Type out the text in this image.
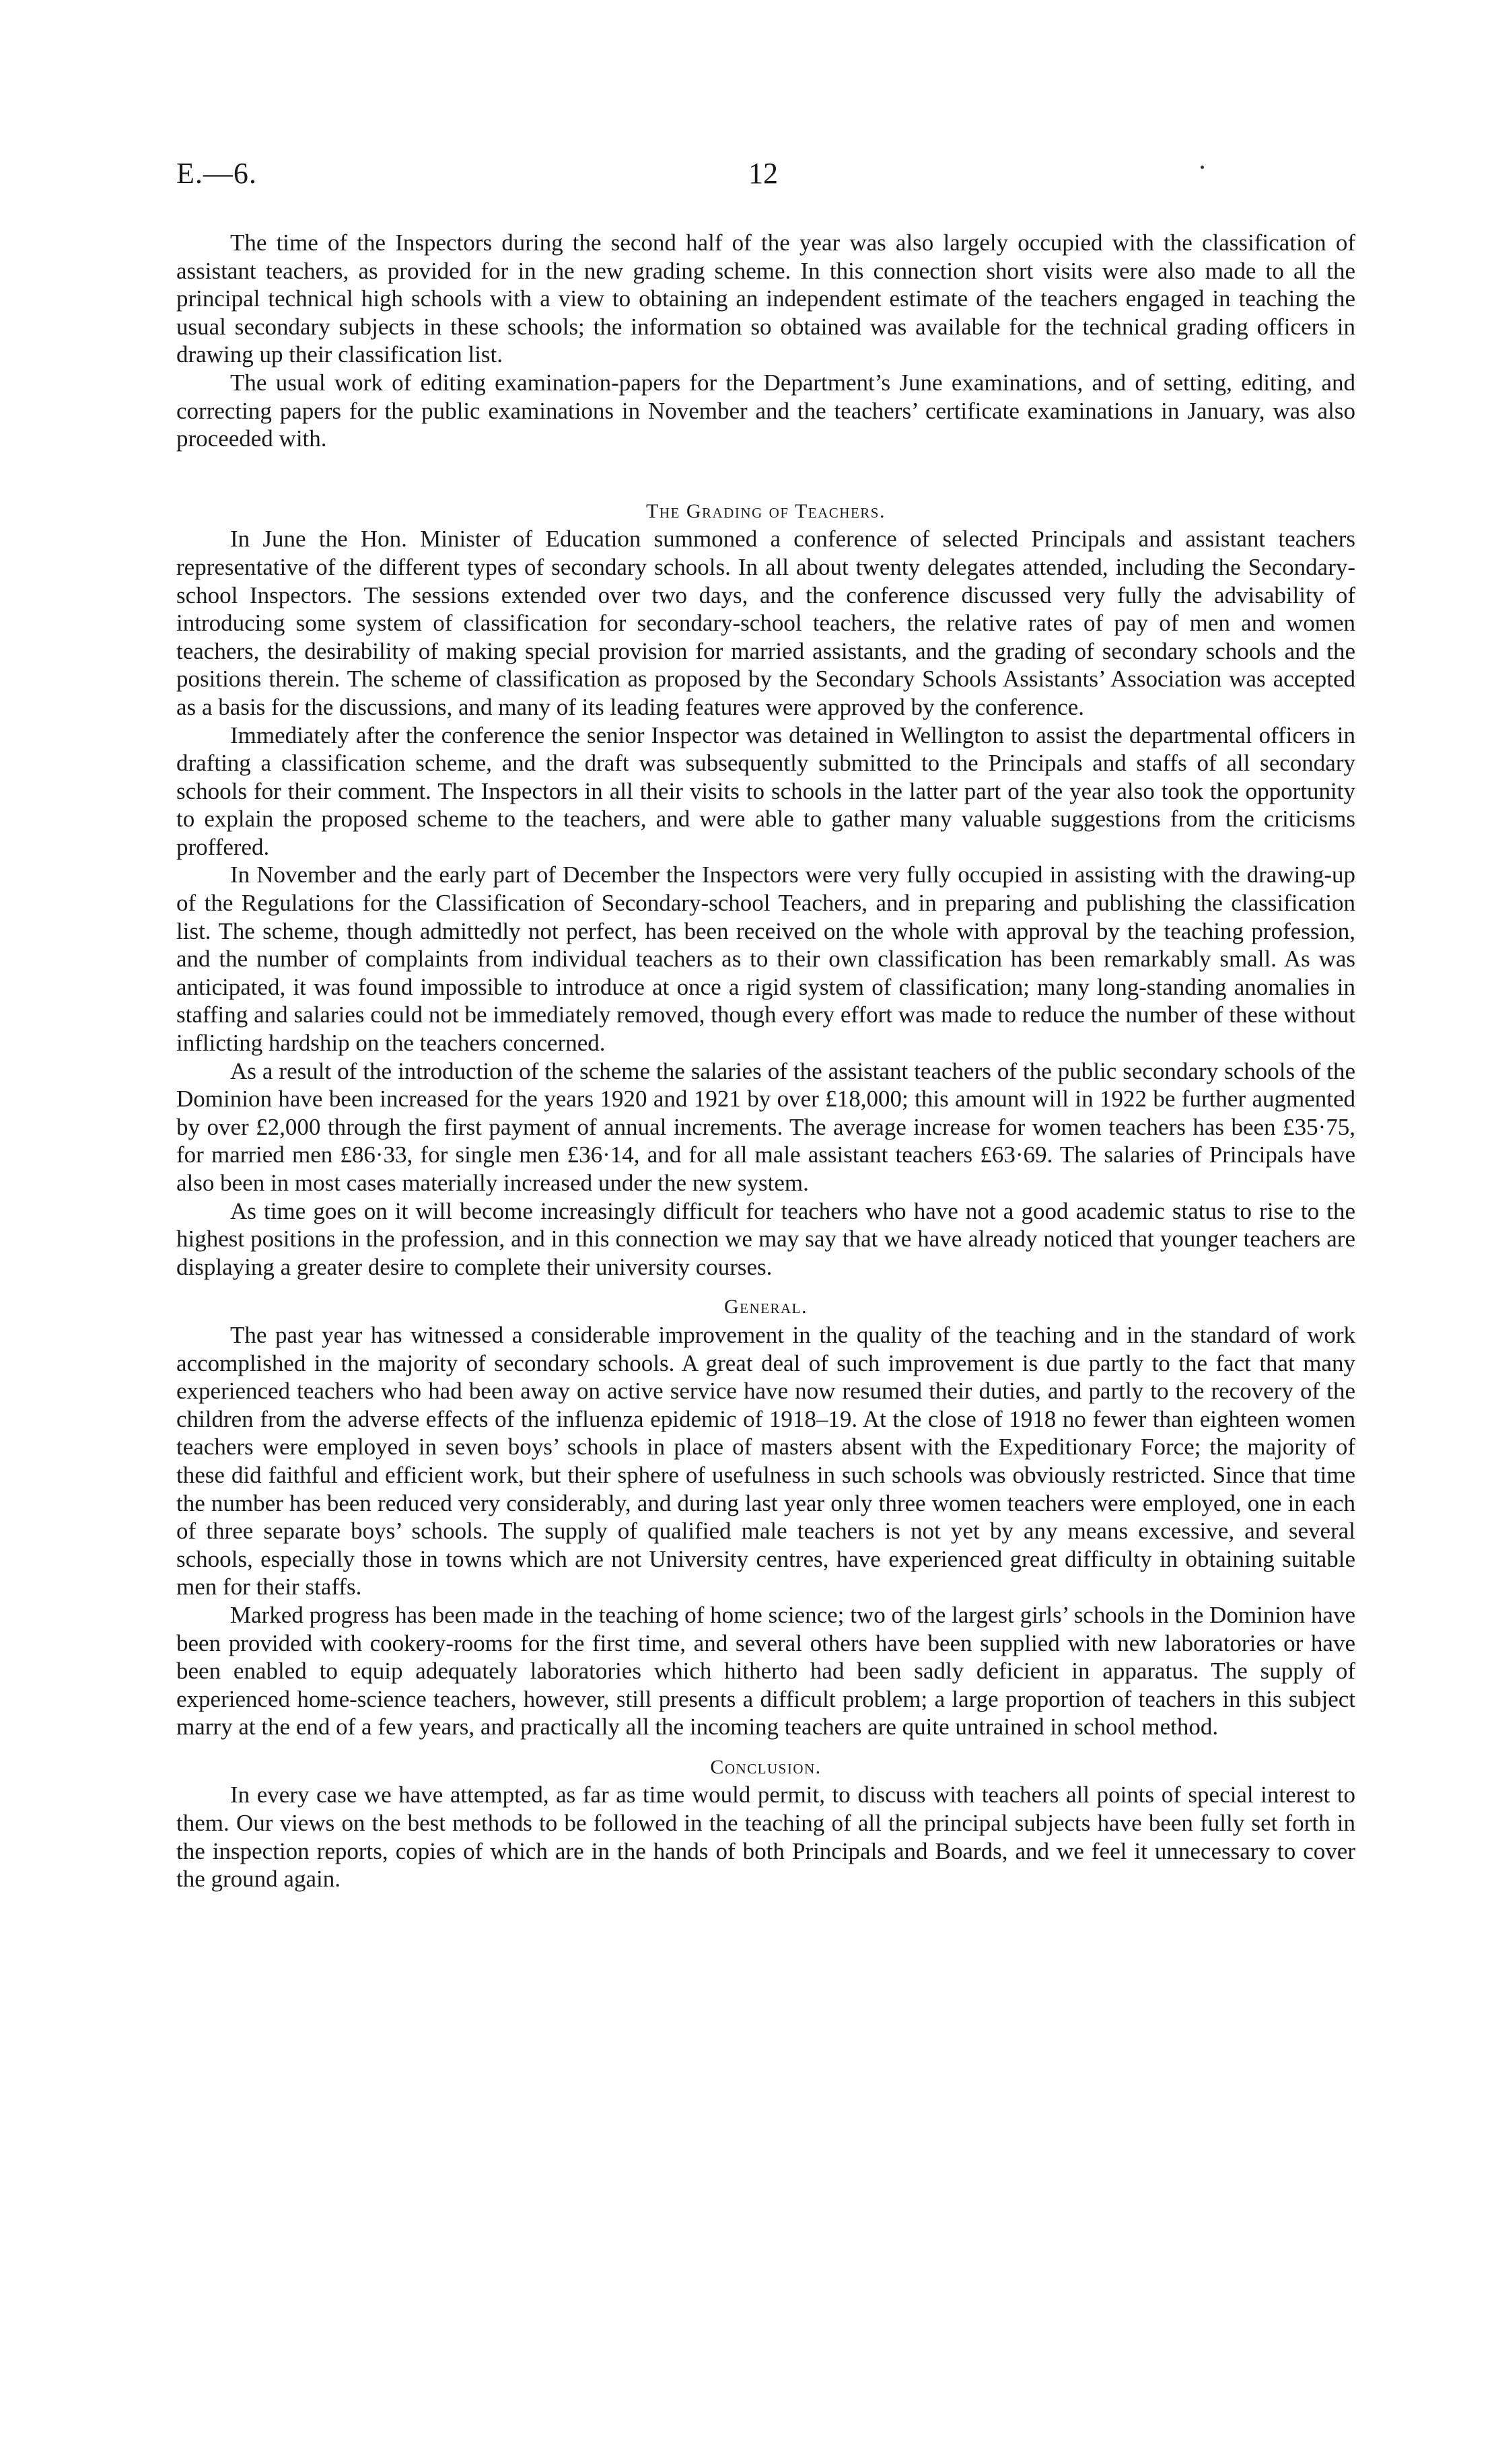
E.—6.	12

The time of the Inspectors during the second half of the year was also largely occupied with the classification of assistant teachers, as provided for in the new grading scheme. In this connection short visits were also made to all the principal technical high schools with a view to obtaining an independent estimate of the teachers engaged in teaching the usual secondary subjects in these schools; the information so obtained was available for the technical grading officers in drawing up their classification list.

The usual work of editing examination-papers for the Department’s June examinations, and of setting, editing, and correcting papers for the public examinations in November and the teachers’ certificate examinations in January, was also proceeded with.

The Grading of Teachers.

In June the Hon. Minister of Education summoned a conference of selected Principals and assistant teachers representative of the different types of secondary schools. In all about twenty delegates attended, including the Secondary-school Inspectors. The sessions extended over two days, and the conference discussed very fully the advisability of introducing some system of classification for secondary-school teachers, the relative rates of pay of men and women teachers, the desirability of making special provision for married assistants, and the grading of secondary schools and the positions therein. The scheme of classification as proposed by the Secondary Schools Assistants’ Association was accepted as a basis for the discussions, and many of its leading features were approved by the conference.

Immediately after the conference the senior Inspector was detained in Wellington to assist the departmental officers in drafting a classification scheme, and the draft was subsequently submitted to the Principals and staffs of all secondary schools for their comment. The Inspectors in all their visits to schools in the latter part of the year also took the opportunity to explain the proposed scheme to the teachers, and were able to gather many valuable suggestions from the criticisms proffered.

In November and the early part of December the Inspectors were very fully occupied in assisting with the drawing-up of the Regulations for the Classification of Secondary-school Teachers, and in preparing and publishing the classification list. The scheme, though admittedly not perfect, has been received on the whole with approval by the teaching profession, and the number of complaints from individual teachers as to their own classification has been remarkably small. As was anticipated, it was found impossible to introduce at once a rigid system of classification; many long-standing anomalies in staffing and salaries could not be immediately removed, though every effort was made to reduce the number of these without inflicting hardship on the teachers concerned.

As a result of the introduction of the scheme the salaries of the assistant teachers of the public secondary schools of the Dominion have been increased for the years 1920 and 1921 by over £18,000; this amount will in 1922 be further augmented by over £2,000 through the first payment of annual increments. The average increase for women teachers has been £35·75, for married men £86·33, for single men £36·14, and for all male assistant teachers £63·69. The salaries of Principals have also been in most cases materially increased under the new system.

As time goes on it will become increasingly difficult for teachers who have not a good academic status to rise to the highest positions in the profession, and in this connection we may say that we have already noticed that younger teachers are displaying a greater desire to complete their university courses.

General.

The past year has witnessed a considerable improvement in the quality of the teaching and in the standard of work accomplished in the majority of secondary schools. A great deal of such improvement is due partly to the fact that many experienced teachers who had been away on active service have now resumed their duties, and partly to the recovery of the children from the adverse effects of the influenza epidemic of 1918–19. At the close of 1918 no fewer than eighteen women teachers were employed in seven boys’ schools in place of masters absent with the Expeditionary Force; the majority of these did faithful and efficient work, but their sphere of usefulness in such schools was obviously restricted. Since that time the number has been reduced very considerably, and during last year only three women teachers were employed, one in each of three separate boys’ schools. The supply of qualified male teachers is not yet by any means excessive, and several schools, especially those in towns which are not University centres, have experienced great difficulty in obtaining suitable men for their staffs.

Marked progress has been made in the teaching of home science; two of the largest girls’ schools in the Dominion have been provided with cookery-rooms for the first time, and several others have been supplied with new laboratories or have been enabled to equip adequately laboratories which hitherto had been sadly deficient in apparatus. The supply of experienced home-science teachers, however, still presents a difficult problem; a large proportion of teachers in this subject marry at the end of a few years, and practically all the incoming teachers are quite untrained in school method.

Conclusion.

In every case we have attempted, as far as time would permit, to discuss with teachers all points of special interest to them. Our views on the best methods to be followed in the teaching of all the principal subjects have been fully set forth in the inspection reports, copies of which are in the hands of both Principals and Boards, and we feel it unnecessary to cover the ground again.
